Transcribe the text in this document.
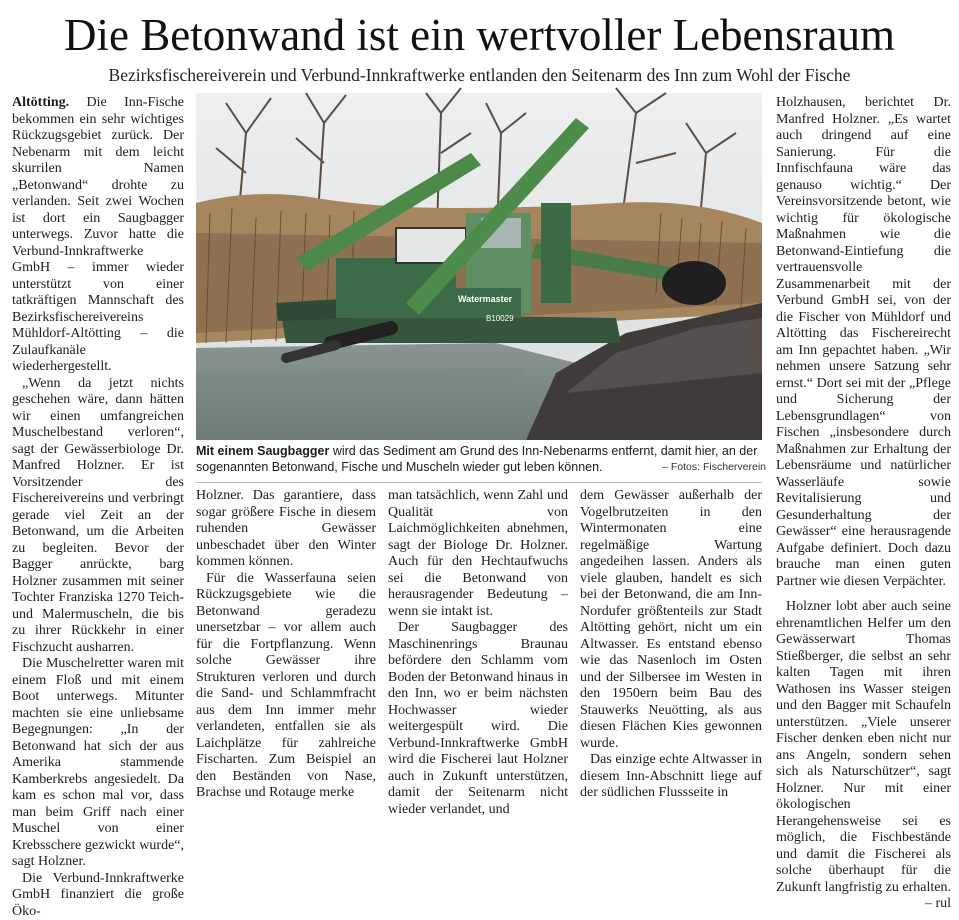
Die Betonwand ist ein wertvoller Lebensraum
Bezirksfischereiverein und Verbund-Innkraftwerke entlanden den Seitenarm des Inn zum Wohl der Fische

Altötting. Die Inn-Fische bekommen ein sehr wichtiges Rückzugsgebiet zurück. Der Nebenarm mit dem leicht skurrilen Namen „Betonwand“ drohte zu verlanden. Seit zwei Wochen ist dort ein Saugbagger unterwegs. Zuvor hatte die Verbund-Innkraftwerke GmbH – immer wieder unterstützt von einer tatkräftigen Mannschaft des Bezirksfischereivereins Mühldorf-Altötting – die Zulaufkanäle wiederhergestellt.

„Wenn da jetzt nichts geschehen wäre, dann hätten wir einen umfangreichen Muschelbestand verloren“, sagt der Gewässerbiologe Dr. Manfred Holzner. Er ist Vorsitzender des Fischereivereins und verbringt gerade viel Zeit an der Betonwand, um die Arbeiten zu begleiten. Bevor der Bagger anrückte, barg Holzner zusammen mit seiner Tochter Franziska 1270 Teich- und Malermuscheln, die bis zu ihrer Rückkehr in einer Fischzucht ausharren.

Die Muschelretter waren mit einem Floß und mit einem Boot unterwegs. Mitunter machten sie eine unliebsame Begegnungen: „In der Betonwand hat sich der aus Amerika stammende Kamberkrebs angesiedelt. Da kam es schon mal vor, dass man beim Griff nach einer Muschel von einer Krebsschere gezwickt wurde“, sagt Holzner.

Die Verbund-Innkraftwerke GmbH finanziert die große Öko-

Watermaster
B10029
Mit einem Saugbagger wird das Sediment am Grund des Inn-Nebenarms entfernt, damit hier, an der sogenannten Betonwand, Fische und Muscheln wieder gut leben können.	– Fotos: Fischerverein

Holzner. Das garantiere, dass sogar größere Fische in diesem ruhenden Gewässer unbeschadet über den Winter kommen können.

Für die Wasserfauna seien Rückzugsgebiete wie die Betonwand geradezu unersetzbar – vor allem auch für die Fortpflanzung. Wenn solche Gewässer ihre Strukturen verloren und durch die Sand- und Schlammfracht aus dem Inn immer mehr verlandeten, entfallen sie als Laichplätze für zahlreiche Fischarten. Zum Beispiel an den Beständen von Nase, Brachse und Rotauge merke

man tatsächlich, wenn Zahl und Qualität von Laichmöglichkeiten abnehmen, sagt der Biologe Dr. Holzner. Auch für den Hechtaufwuchs sei die Betonwand von herausragender Bedeutung – wenn sie intakt ist.

Der Saugbagger des Maschinenrings Braunau befördere den Schlamm vom Boden der Betonwand hinaus in den Inn, wo er beim nächsten Hochwasser wieder weitergespült wird. Die Verbund-Innkraftwerke GmbH wird die Fischerei laut Holzner auch in Zukunft unterstützen, damit der Seitenarm nicht wieder verlandet, und

dem Gewässer außerhalb der Vogelbrutzeiten in den Wintermonaten eine regelmäßige Wartung angedeihen lassen. Anders als viele glauben, handelt es sich bei der Betonwand, die am Inn-Nordufer größtenteils zur Stadt Altötting gehört, nicht um ein Altwasser. Es entstand ebenso wie das Nasenloch im Osten und der Silbersee im Westen in den 1950ern beim Bau des Stauwerks Neuötting, als aus diesen Flächen Kies gewonnen wurde.

Das einzige echte Altwasser in diesem Inn-Abschnitt liege auf der südlichen Flussseite in

Holzhausen, berichtet Dr. Manfred Holzner. „Es wartet auch dringend auf eine Sanierung. Für die Innfischfauna wäre das genauso wichtig.“ Der Vereinsvorsitzende betont, wie wichtig für ökologische Maßnahmen wie die Betonwand-Eintiefung die vertrauensvolle Zusammenarbeit mit der Verbund GmbH sei, von der die Fischer von Mühldorf und Altötting das Fischereirecht am Inn gepachtet haben. „Wir nehmen unsere Satzung sehr ernst.“ Dort sei mit der „Pflege und Sicherung der Lebensgrundlagen“ von Fischen „insbesondere durch Maßnahmen zur Erhaltung der Lebensräume und natürlicher Wasserläufe sowie Revitalisierung und Gesunderhaltung der Gewässer“ eine herausragende Aufgabe definiert. Doch dazu brauche man einen guten Partner wie diesen Verpächter.

Holzner lobt aber auch seine ehrenamtlichen Helfer um den Gewässerwart Thomas Stießberger, die selbst an sehr kalten Tagen mit ihren Wathosen ins Wasser steigen und den Bagger mit Schaufeln unterstützen. „Viele unserer Fischer denken eben nicht nur ans Angeln, sondern sehen sich als Naturschützer“, sagt Holzner. Nur mit einer ökologischen Herangehensweise sei es möglich, die Fischbestände und damit die Fischerei als solche überhaupt für die Zukunft langfristig zu erhalten.

– rul
